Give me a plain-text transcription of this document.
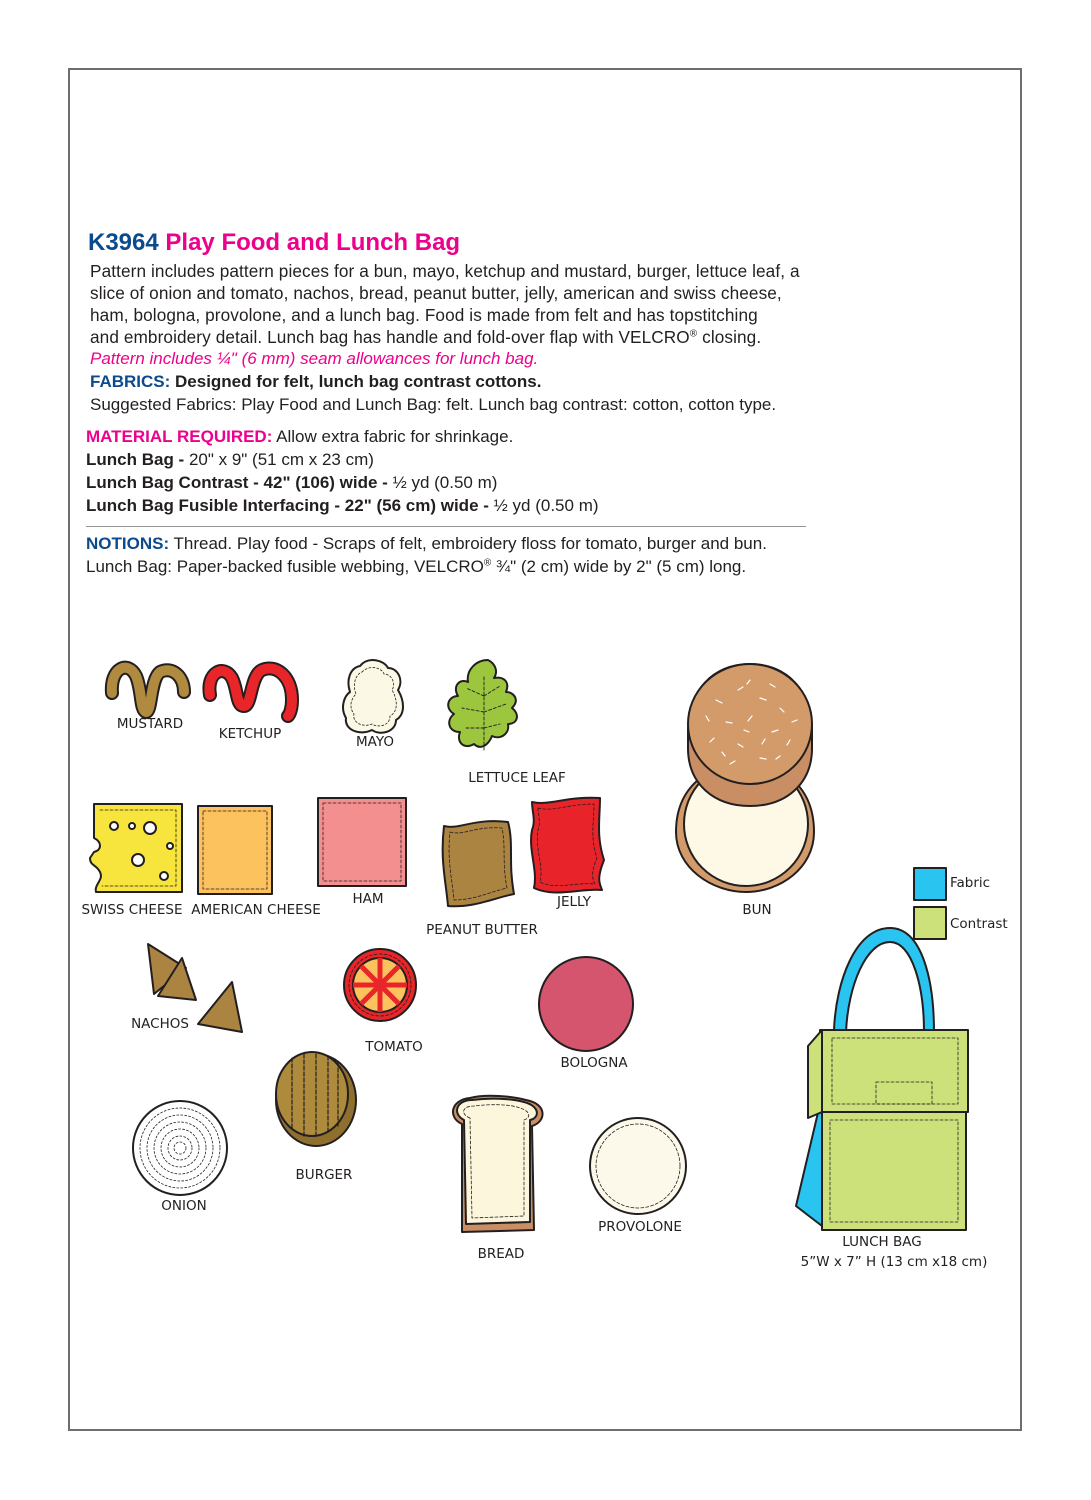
K3964 Play Food and Lunch Bag
Pattern includes pattern pieces for a bun, mayo, ketchup and mustard, burger, lettuce leaf, a
slice of onion and tomato, nachos, bread, peanut butter, jelly, american and swiss cheese,
ham, bologna, provolone, and a lunch bag. Food is made from felt and has topstitching
and embroidery detail. Lunch bag has handle and fold-over flap with VELCRO® closing.
Pattern includes ¼" (6 mm) seam allowances for lunch bag.
FABRICS: Designed for felt, lunch bag contrast cottons.
Suggested Fabrics: Play Food and Lunch Bag: felt. Lunch bag contrast: cotton, cotton type.
MATERIAL REQUIRED: Allow extra fabric for shrinkage.
Lunch Bag - 20" x 9" (51 cm x 23 cm)
Lunch Bag Contrast - 42" (106) wide - ½ yd (0.50 m)
Lunch Bag Fusible Interfacing - 22" (56 cm) wide - ½ yd (0.50 m)
NOTIONS: Thread. Play food - Scraps of felt, embroidery floss for tomato, burger and bun.
Lunch Bag: Paper-backed fusible webbing, VELCRO® ¾" (2 cm) wide by 2" (5 cm) long.
MUSTARD
KETCHUP	MAYO
LETTUCE LEAF
SWISS CHEESE AMERICAN CHEESE
HAM	JELLY
PEANUT BUTTER
BUN
NACHOS
TOMATO
BOLOGNA
BURGER
ONION
PROVOLONE
BREAD
LUNCH BAG
5”W x 7” H (13 cm x18 cm)
Fabric
Contrast
